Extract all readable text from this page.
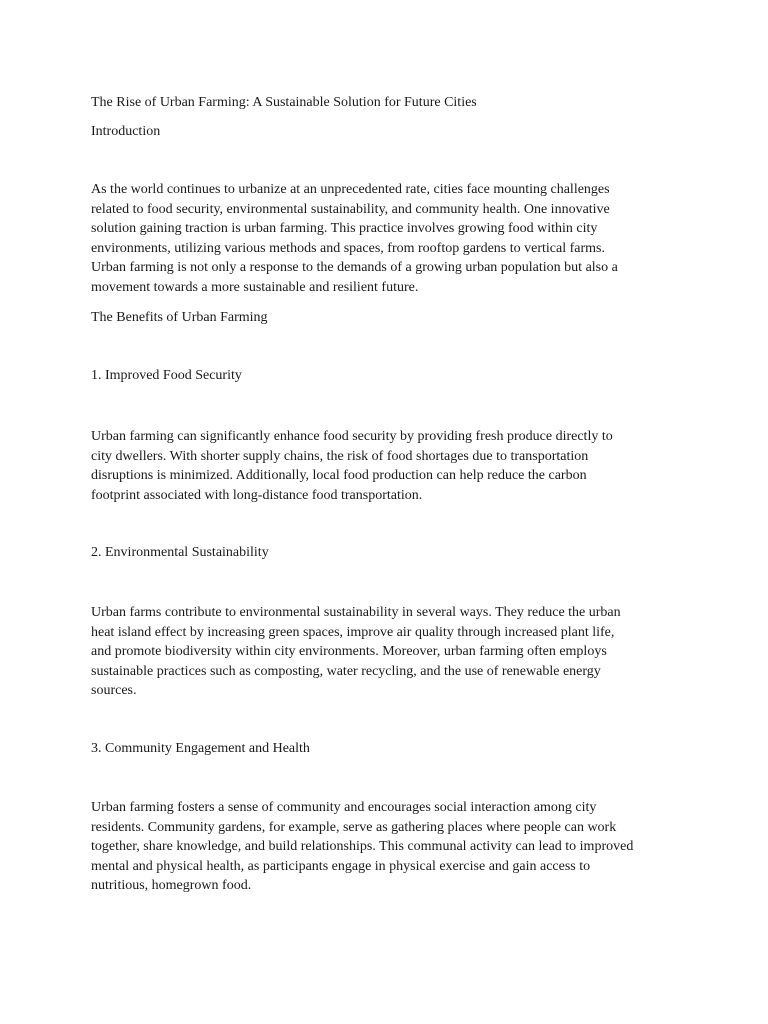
The Rise of Urban Farming: A Sustainable Solution for Future Cities
Introduction
As the world continues to urbanize at an unprecedented rate, cities face mounting challenges
related to food security, environmental sustainability, and community health. One innovative
solution gaining traction is urban farming. This practice involves growing food within city
environments, utilizing various methods and spaces, from rooftop gardens to vertical farms.
Urban farming is not only a response to the demands of a growing urban population but also a
movement towards a more sustainable and resilient future.
The Benefits of Urban Farming
1. Improved Food Security
Urban farming can significantly enhance food security by providing fresh produce directly to
city dwellers. With shorter supply chains, the risk of food shortages due to transportation
disruptions is minimized. Additionally, local food production can help reduce the carbon
footprint associated with long-distance food transportation.
2. Environmental Sustainability
Urban farms contribute to environmental sustainability in several ways. They reduce the urban
heat island effect by increasing green spaces, improve air quality through increased plant life,
and promote biodiversity within city environments. Moreover, urban farming often employs
sustainable practices such as composting, water recycling, and the use of renewable energy
sources.
3. Community Engagement and Health
Urban farming fosters a sense of community and encourages social interaction among city
residents. Community gardens, for example, serve as gathering places where people can work
together, share knowledge, and build relationships. This communal activity can lead to improved
mental and physical health, as participants engage in physical exercise and gain access to
nutritious, homegrown food.
